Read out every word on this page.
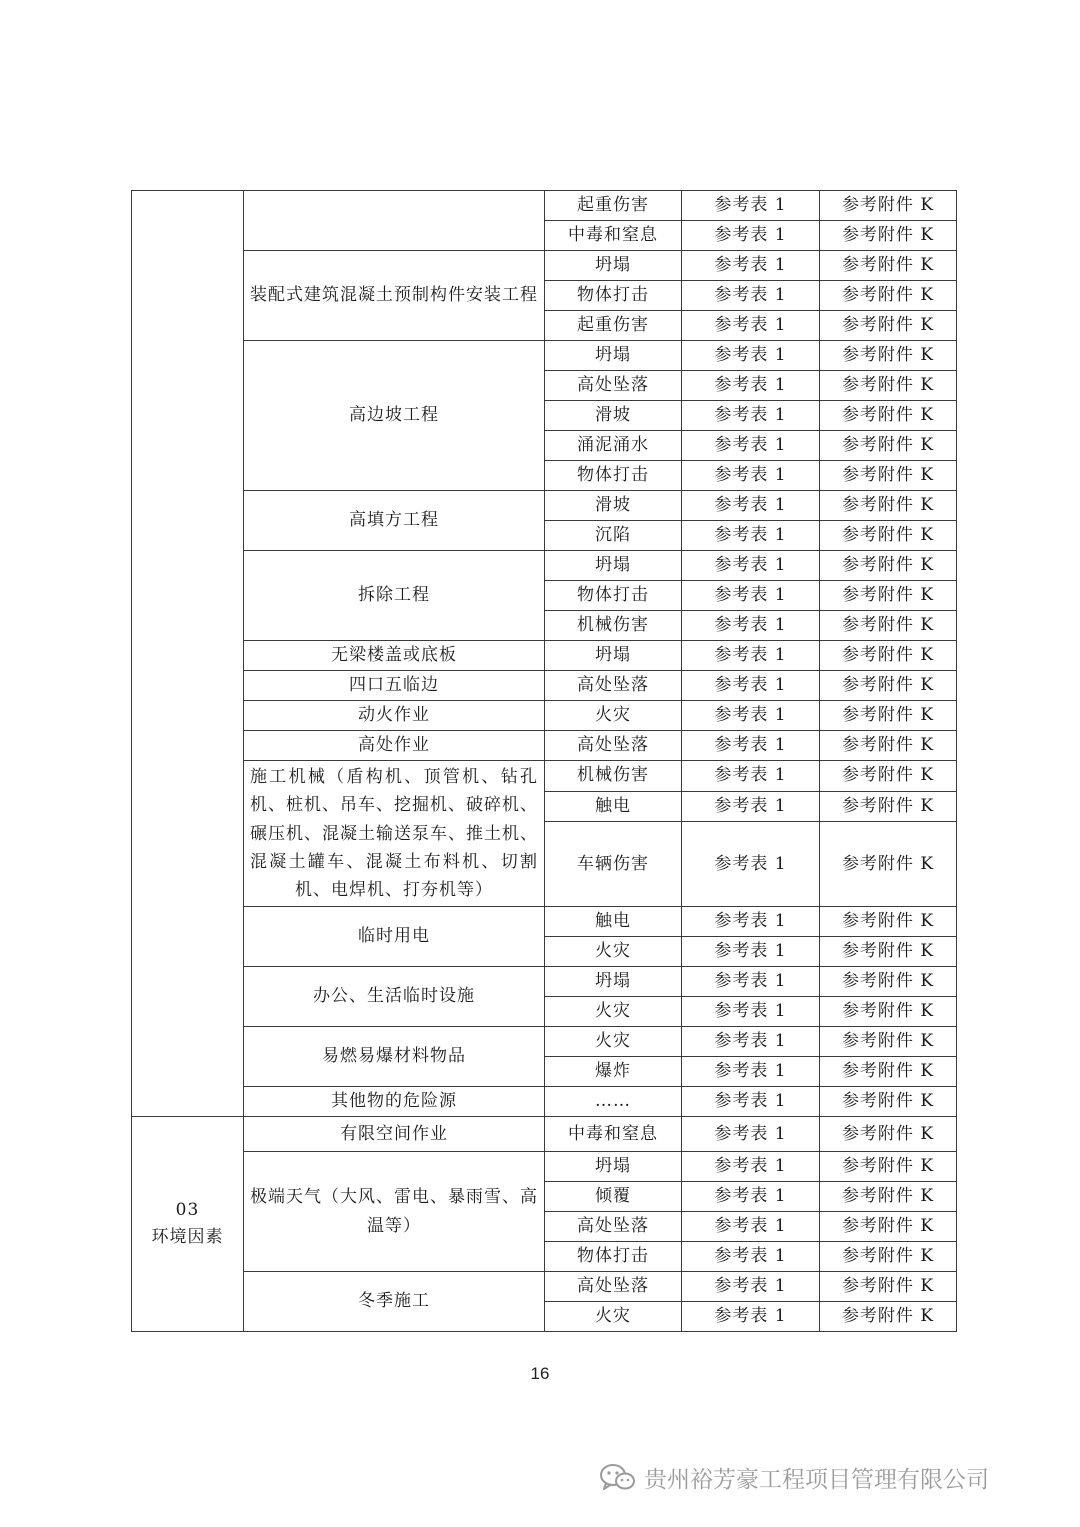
		起重伤害	参考表 1	参考附件 K
		中毒和窒息	参考表 1	参考附件 K
	装配式建筑混凝土预制构件安装工程	坍塌	参考表 1	参考附件 K
		物体打击	参考表 1	参考附件 K
		起重伤害	参考表 1	参考附件 K
	高边坡工程	坍塌	参考表 1	参考附件 K
		高处坠落	参考表 1	参考附件 K
		滑坡	参考表 1	参考附件 K
		涌泥涌水	参考表 1	参考附件 K
		物体打击	参考表 1	参考附件 K
	高填方工程	滑坡	参考表 1	参考附件 K
		沉陷	参考表 1	参考附件 K
	拆除工程	坍塌	参考表 1	参考附件 K
		物体打击	参考表 1	参考附件 K
		机械伤害	参考表 1	参考附件 K
	无梁楼盖或底板	坍塌	参考表 1	参考附件 K
	四口五临边	高处坠落	参考表 1	参考附件 K
	动火作业	火灾	参考表 1	参考附件 K
	高处作业	高处坠落	参考表 1	参考附件 K
	施工机械（盾构机、顶管机、钻孔机、桩机、吊车、挖掘机、破碎机、碾压机、混凝土输送泵车、推土机、混凝土罐车、混凝土布料机、切割机、电焊机、打夯机等）	机械伤害	参考表 1	参考附件 K
		触电	参考表 1	参考附件 K
		车辆伤害	参考表 1	参考附件 K
	临时用电	触电	参考表 1	参考附件 K
		火灾	参考表 1	参考附件 K
	办公、生活临时设施	坍塌	参考表 1	参考附件 K
		火灾	参考表 1	参考附件 K
	易燃易爆材料物品	火灾	参考表 1	参考附件 K
		爆炸	参考表 1	参考附件 K
	其他物的危险源	……	参考表 1	参考附件 K
03
环境因素	有限空间作业	中毒和窒息	参考表 1	参考附件 K
	极端天气（大风、雷电、暴雨雪、高温等）	坍塌	参考表 1	参考附件 K
		倾覆	参考表 1	参考附件 K
		高处坠落	参考表 1	参考附件 K
		物体打击	参考表 1	参考附件 K
	冬季施工	高处坠落	参考表 1	参考附件 K
		火灾	参考表 1	参考附件 K
16
贵州裕芳豪工程项目管理有限公司
